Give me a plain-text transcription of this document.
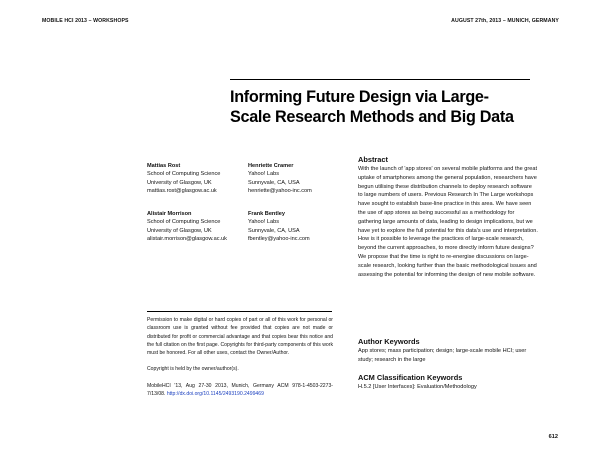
MOBILE HCI 2013 – WORKSHOPS	AUGUST 27th, 2013 – MUNICH, GERMANY
Informing Future Design via Large-
Scale Research Methods and Big Data
Mattias Rost
School of Computing Science
University of Glasgow, UK
mattias.rost@glasgow.ac.uk
Alistair Morrison
School of Computing Science
University of Glasgow, UK
alistair.morrison@glasgow.ac.uk
Henriette Cramer
Yahoo! Labs
Sunnyvale, CA, USA
henriette@yahoo-inc.com
Frank Bentley
Yahoo! Labs
Sunnyvale, CA, USA
fbentley@yahoo-inc.com

Permission to make digital or hard copies of part or all of this work for personal or classroom use is granted without fee provided that copies are not made or distributed for profit or commercial advantage and that copies bear this notice and the full citation on the first page. Copyrights for third-party components of this work must be honored. For all other uses, contact the Owner/Author.

Copyright is held by the owner/author(s).

MobileHCI '13, Aug 27-30 2013, Munich, Germany ACM 978-1-4503-2273-7/13/08. http://dx.doi.org/10.1145/2493190.2499469

Abstract
With the launch of 'app stores' on several mobile platforms and the great uptake of smartphones among the general population, researchers have begun utilising these distribution channels to deploy research software to large numbers of users. Previous Research In The Large workshops have sought to establish base-line practice in this area. We have seen the use of app stores as being successful as a methodology for gathering large amounts of data, leading to design implications, but we have yet to explore the full potential for this data's use and interpretation. How is it possible to leverage the practices of large-scale research, beyond the current approaches, to more directly inform future designs? We propose that the time is right to re-energise discussions on large-scale research, looking further than the basic methodological issues and assessing the potential for informing the design of new mobile software.
Author Keywords
App stores; mass participation; design; large-scale mobile HCI; user study; research in the large
ACM Classification Keywords
H.5.2 [User Interfaces]: Evaluation/Methodology
612
